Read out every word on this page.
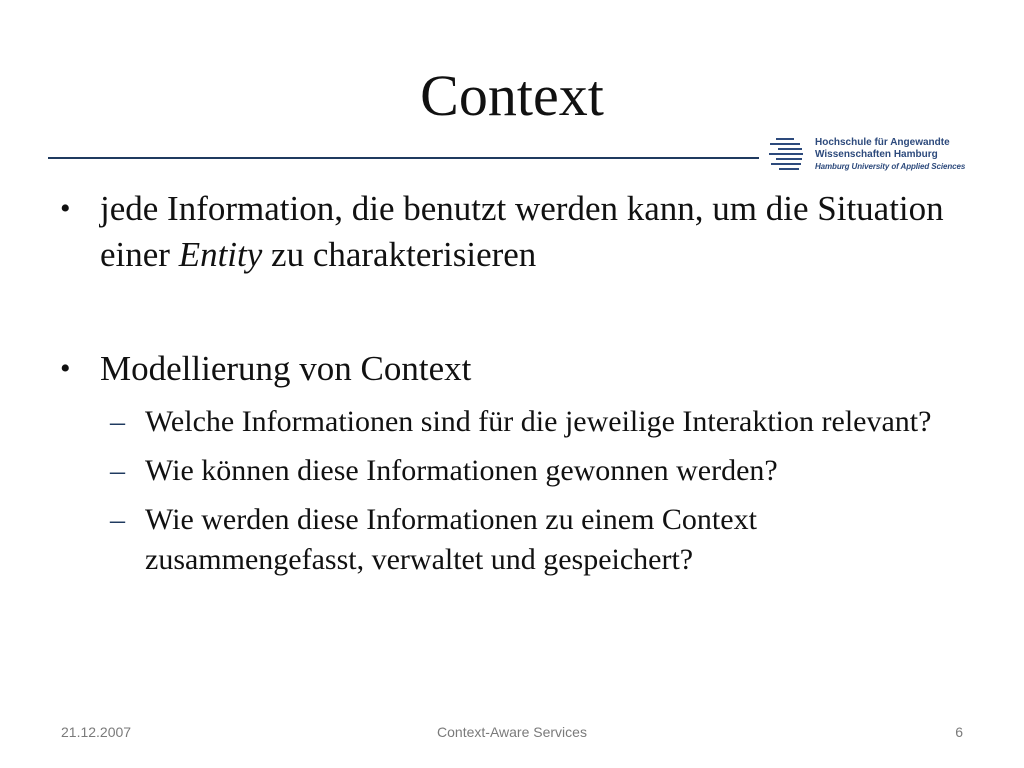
Context
Hochschule für Angewandte
Wissenschaften Hamburg
Hamburg University of Applied Sciences
• jede Information, die benutzt werden kann, um die Situation einer Entity zu charakterisieren
• Modellierung von Context
– Welche Informationen sind für die jeweilige Interaktion relevant?
– Wie können diese Informationen gewonnen werden?
– Wie werden diese Informationen zu einem Context zusammengefasst, verwaltet und gespeichert?
21.12.2007	Context-Aware Services	6
